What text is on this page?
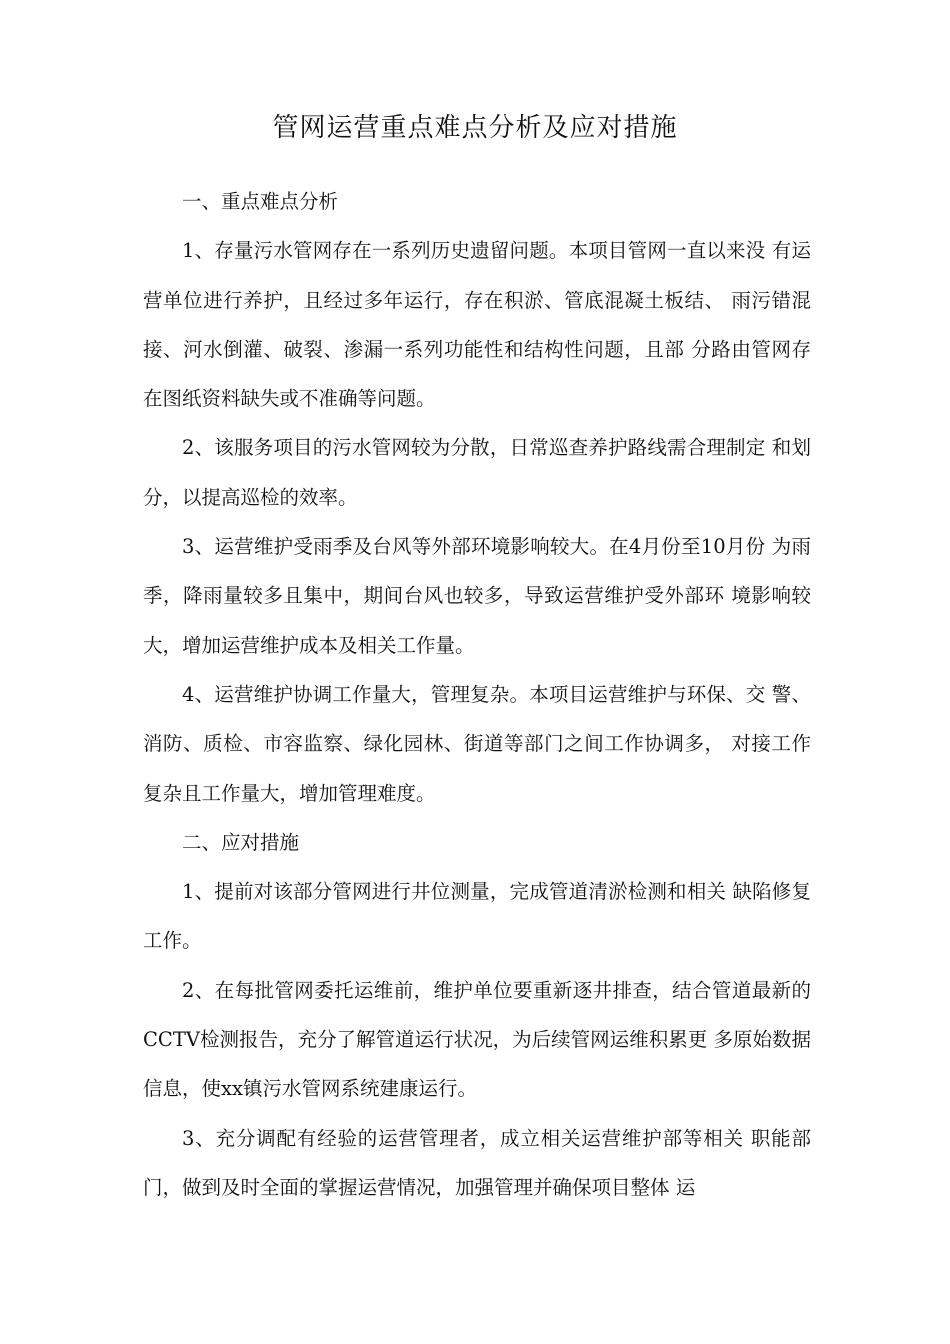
管网运营重点难点分析及应对措施

一、重点难点分析

1、存量污水管网存在一系列历史遗留问题。本项目管网一直以来没 有运营单位进行养护，且经过多年运行，存在积淤、管底混凝土板结、 雨污错混接、河水倒灌、破裂、渗漏一系列功能性和结构性问题，且部 分路由管网存在图纸资料缺失或不准确等问题。

2、该服务项目的污水管网较为分散，日常巡查养护路线需合理制定 和划分，以提高巡检的效率。

3、运营维护受雨季及台风等外部环境影响较大。在4月份至10月份 为雨季，降雨量较多且集中，期间台风也较多，导致运营维护受外部环 境影响较大，增加运营维护成本及相关工作量。

4、运营维护协调工作量大，管理复杂。本项目运营维护与环保、交 警、消防、质检、市容监察、绿化园林、街道等部门之间工作协调多， 对接工作复杂且工作量大，增加管理难度。

二、应对措施

1、提前对该部分管网进行井位测量，完成管道清淤检测和相关 缺陷修复工作。

2、在每批管网委托运维前，维护单位要重新逐井排查，结合管道最新的CCTV检测报告，充分了解管道运行状况，为后续管网运维积累更 多原始数据信息，使xx镇污水管网系统建康运行。

3、充分调配有经验的运营管理者，成立相关运营维护部等相关 职能部门，做到及时全面的掌握运营情况，加强管理并确保项目整体 运
